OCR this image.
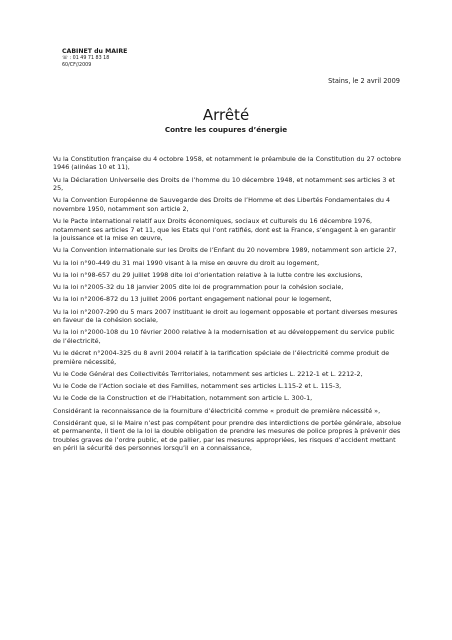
CABINET du MAIRE
☏ : 01 49 71 83 18
60/CF//2009
Stains, le 2 avril 2009
Arrêté
Contre les coupures d’énergie

Vu la Constitution française du 4 octobre 1958, et notamment le préambule de la Constitution du 27 octobre 1946 (alinéas 10 et 11),

Vu la Déclaration Universelle des Droits de l’homme du 10 décembre 1948, et notamment ses articles 3 et 25,

Vu la Convention Européenne de Sauvegarde des Droits de l’Homme et des Libertés Fondamentales du 4 novembre 1950, notamment son article 2,

Vu le Pacte international relatif aux Droits économiques, sociaux et culturels du 16 décembre 1976, notamment ses articles 7 et 11, que les Etats qui l’ont ratifiés, dont est la France, s’engagent à en garantir la jouissance et la mise en œuvre,

Vu la Convention internationale sur les Droits de l’Enfant du 20 novembre 1989, notamment son article 27,

Vu la loi n°90-449 du 31 mai 1990 visant à la mise en œuvre du droit au logement,

Vu la loi n°98-657 du 29 juillet 1998 dite loi d’orientation relative à la lutte contre les exclusions,

Vu la loi n°2005-32 du 18 janvier 2005 dite loi de programmation pour la cohésion sociale,

Vu la loi n°2006-872 du 13 juillet 2006 portant engagement national pour le logement,

Vu la loi n°2007-290 du 5 mars 2007 instituant le droit au logement opposable et portant diverses mesures en faveur de la cohésion sociale,

Vu la loi n°2000-108 du 10 février 2000 relative à la modernisation et au développement du service public de l’électricité,

Vu le décret n°2004-325 du 8 avril 2004 relatif à la tarification spéciale de l’électricité comme produit de première nécessité,

Vu le Code Général des Collectivités Territoriales, notamment ses articles L. 2212-1 et L. 2212-2,

Vu le Code de l’Action sociale et des Familles, notamment ses articles L.115-2 et L. 115-3,

Vu le Code de la Construction et de l’Habitation, notamment son article L. 300-1,

Considérant la reconnaissance de la fourniture d’électricité comme « produit de première nécessité »,

Considérant que, si le Maire n’est pas compétent pour prendre des interdictions de portée générale, absolue et permanente, il tient de la loi la double obligation de prendre les mesures de police propres à prévenir des troubles graves de l’ordre public, et de pallier, par les mesures appropriées, les risques d’accident mettant en péril la sécurité des personnes lorsqu’il en a connaissance,
